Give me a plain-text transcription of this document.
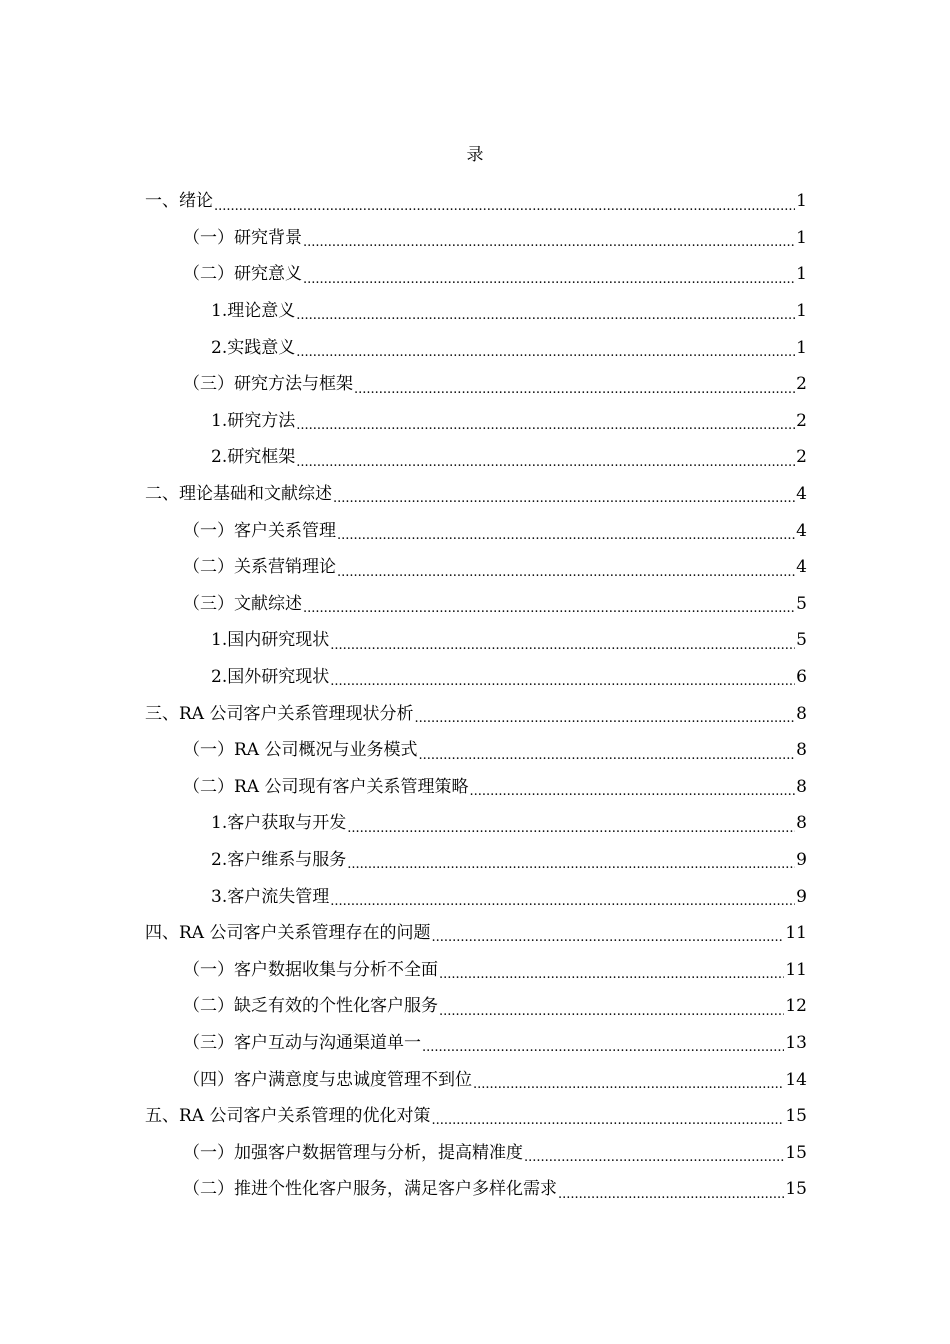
录
一、绪论 .....	1
（一）研究背景 .....	1
（二）研究意义 .....	1
1.理论意义 .....	1
2.实践意义 .....	1
（三）研究方法与框架 .....	2
1.研究方法 .....	2
2.研究框架 .....	2
二、理论基础和文献综述 .....	4
（一）客户关系管理 .....	4
（二）关系营销理论 .....	4
（三）文献综述 .....	5
1.国内研究现状 .....	5
2.国外研究现状 .....	6
三、RA 公司客户关系管理现状分析 .....	8
（一）RA 公司概况与业务模式 .....	8
（二）RA 公司现有客户关系管理策略 .....	8
1.客户获取与开发 .....	8
2.客户维系与服务 .....	9
3.客户流失管理 .....	9
四、RA 公司客户关系管理存在的问题 .....	11
（一）客户数据收集与分析不全面 .....	11
（二）缺乏有效的个性化客户服务 .....	12
（三）客户互动与沟通渠道单一 .....	13
（四）客户满意度与忠诚度管理不到位 .....	14
五、RA 公司客户关系管理的优化对策 .....	15
（一）加强客户数据管理与分析，提高精准度 .....	15
（二）推进个性化客户服务，满足客户多样化需求 .....	15
